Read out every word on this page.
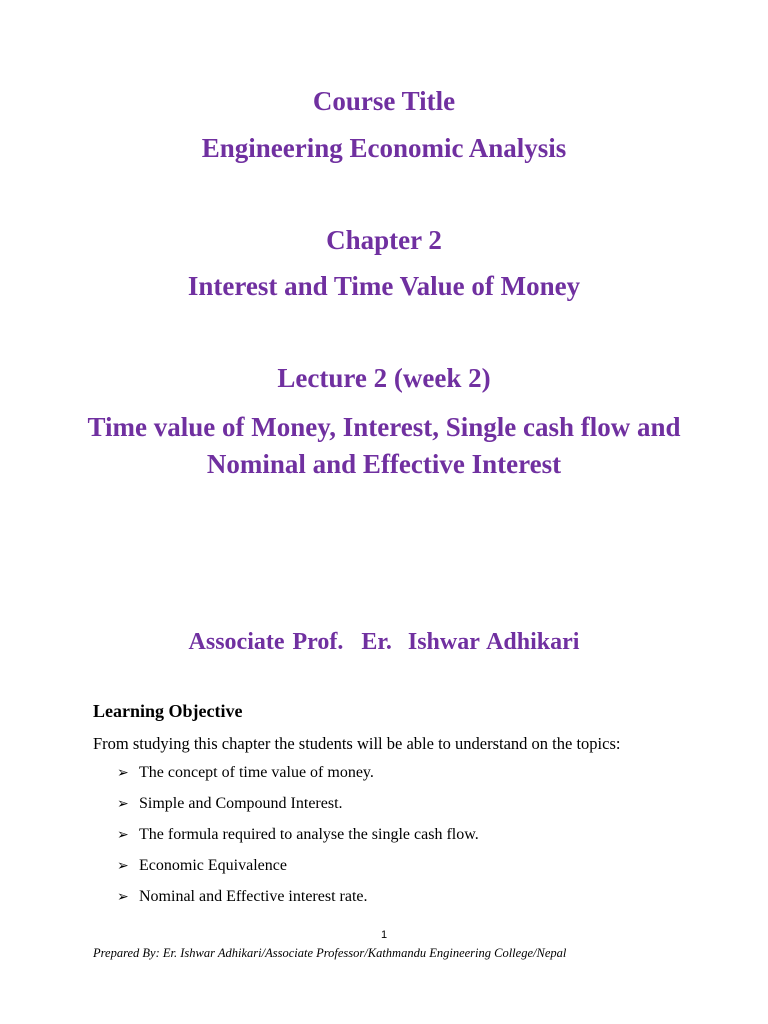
Course Title
Engineering Economic Analysis
Chapter 2
Interest and Time Value of Money
Lecture 2 (week 2)
Time value of Money, Interest, Single cash flow and Nominal and Effective Interest
Associate Prof. Er.  Ishwar Adhikari
Learning Objective
From studying this chapter the students will be able to understand on the topics:
➢ The concept of time value of money.
➢ Simple and Compound Interest.
➢ The formula required to analyse the single cash flow.
➢ Economic Equivalence
➢ Nominal and Effective interest rate.
1
Prepared By: Er. Ishwar Adhikari/Associate Professor/Kathmandu Engineering College/Nepal
